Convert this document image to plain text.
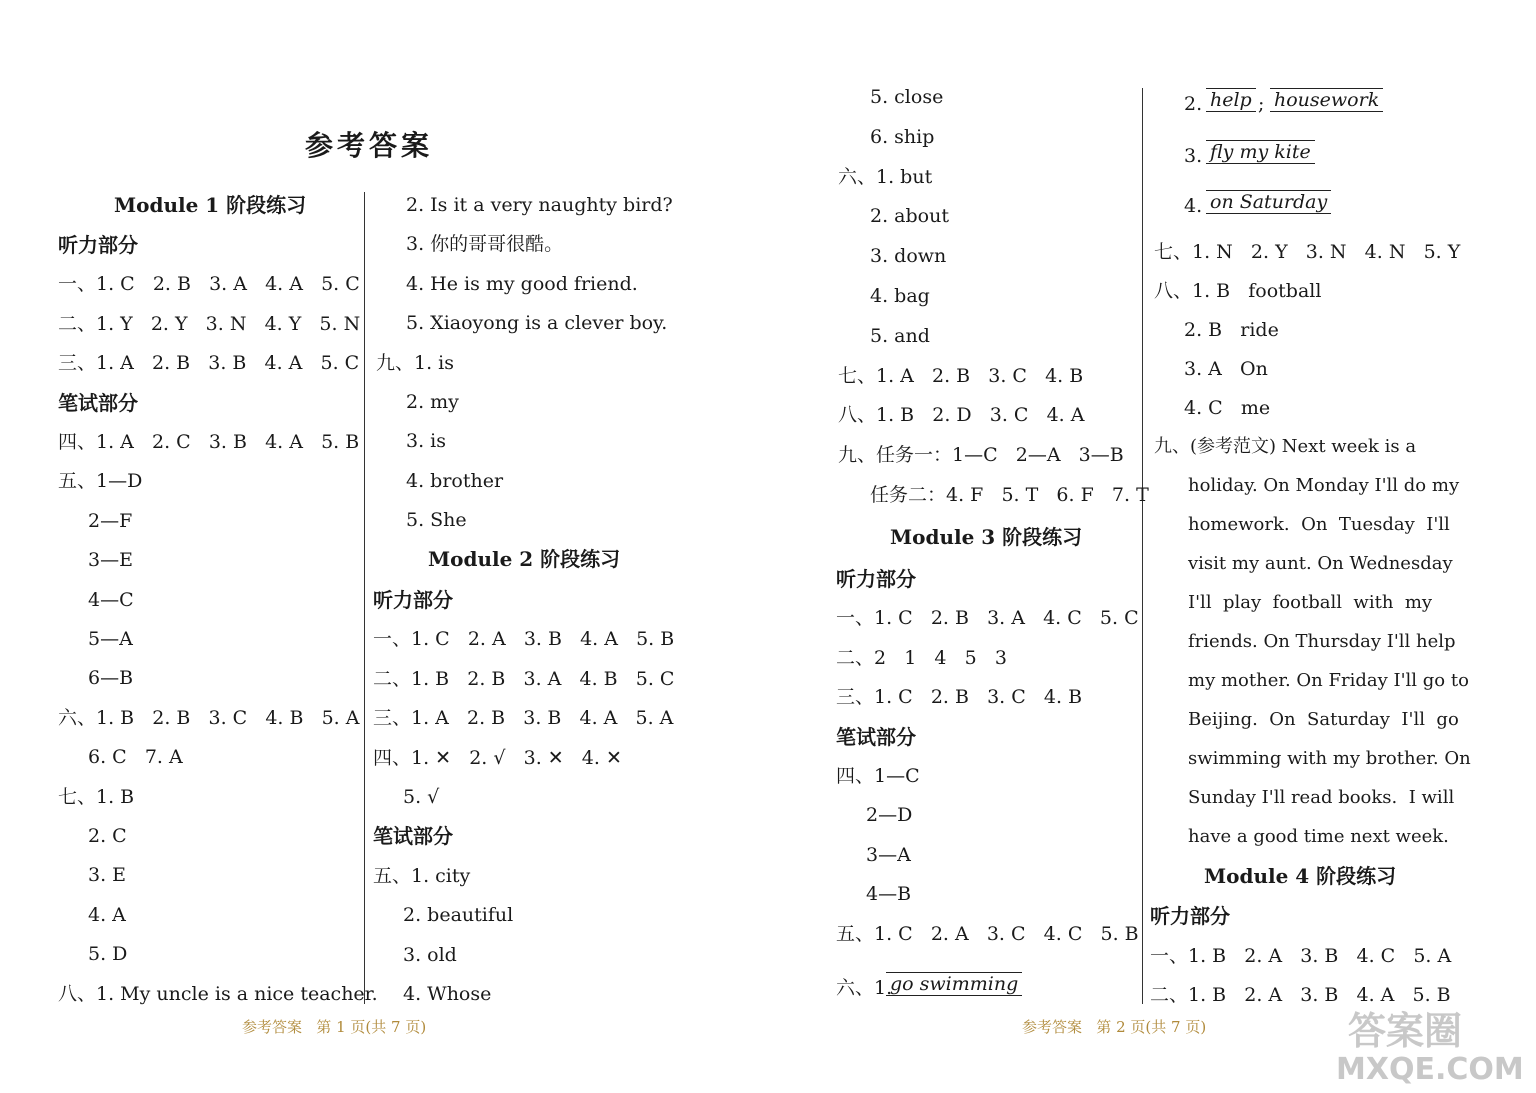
参考答案
Module 1 阶段练习
听力部分
一、1. C   2. B   3. A   4. A   5. C
二、1. Y   2. Y   3. N   4. Y   5. N
三、1. A   2. B   3. B   4. A   5. C
笔试部分
四、1. A   2. C   3. B   4. A   5. B
五、1—D
2—F
3—E
4—C
5—A
6—B
六、1. B   2. B   3. C   4. B   5. A
6. C   7. A
七、1. B
2. C
3. E
4. A
5. D
八、1. My uncle is a nice teacher.
2. Is it a very naughty bird?
3. 你的哥哥很酷。
4. He is my good friend.
5. Xiaoyong is a clever boy.
九、1. is
2. my
3. is
4. brother
5. She
Module 2 阶段练习
听力部分
一、1. C   2. A   3. B   4. A   5. B
二、1. B   2. B   3. A   4. B   5. C
三、1. A   2. B   3. B   4. A   5. A
四、1. ✕   2. √   3. ✕   4. ✕
5. √
笔试部分
五、1. city
2. beautiful
3. old
4. Whose
5. close
6. ship
六、1. but
2. about
3. down
4. bag
5. and
七、1. A   2. B   3. C   4. B
八、1. B   2. D   3. C   4. A
九、任务一：1—C   2—A   3—B
任务二：4. F   5. T   6. F   7. T
Module 3 阶段练习
听力部分
一、1. C   2. B   3. A   4. C   5. C
二、2   1   4   5   3
三、1. C   2. B   3. C   4. B
笔试部分
四、1—C
2—D
3—A
4—B
五、1. C   2. A   3. C   4. C   5. B
七、1. N   2. Y   3. N   4. N   5. Y
八、1. B   football
2. B   ride
3. A   On
4. C   me
九、(参考范文) Next week is a
holiday. On Monday I'll do my
homework.  On  Tuesday  I'll
visit my aunt. On Wednesday
I'll  play  football  with  my
friends. On Thursday I'll help
my mother. On Friday I'll go to
Beijing.  On  Saturday  I'll  go
swimming with my brother. On
Sunday I'll read books.  I will
have a good time next week.
Module 4 阶段练习
听力部分
一、1. B   2. A   3. B   4. C   5. A
二、1. B   2. A   3. B   4. A   5. B
六、1.
go swimming
2. help ; housework
3. fly my kite
4. on Saturday
参考答案   第 1 页(共 7 页)	参考答案   第 2 页(共 7 页)	答案圈
MXQE.COM
